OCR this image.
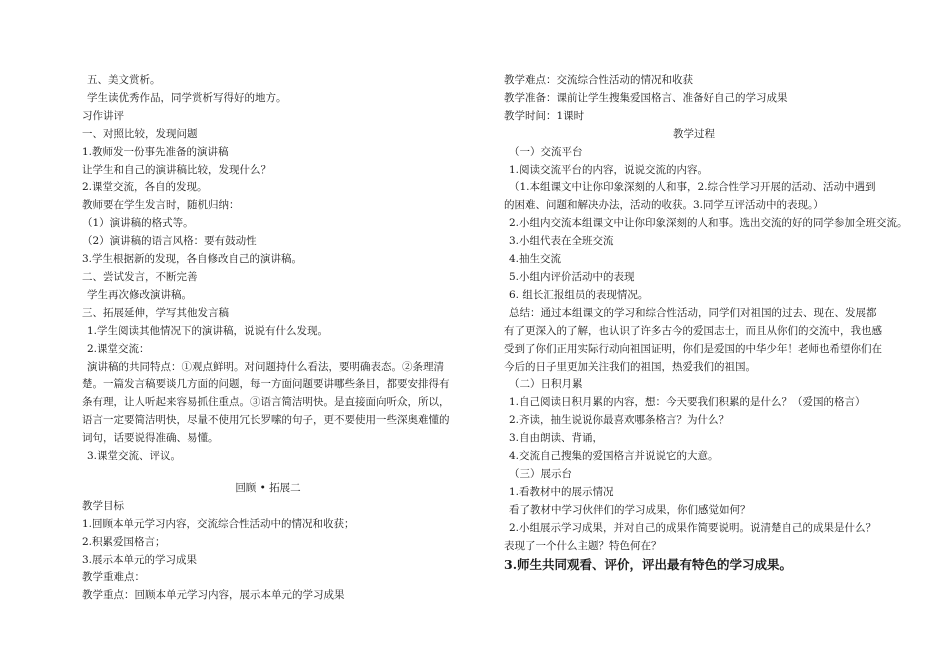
五、美文赏析。
学生读优秀作品，同学赏析写得好的地方。
习作讲评
一、对照比较，发现问题
1.教师发一份事先准备的演讲稿
让学生和自己的演讲稿比较，发现什么？
2.课堂交流，各自的发现。
教师要在学生发言时，随机归纳：
（1）演讲稿的格式等。
（2）演讲稿的语言风格：要有鼓动性
3.学生根据新的发现，各自修改自己的演讲稿。
二、尝试发言，不断完善
学生再次修改演讲稿。
三、拓展延伸，学写其他发言稿
1.学生阅读其他情况下的演讲稿，说说有什么发现。
2.课堂交流：
演讲稿的共同特点：①观点鲜明。对问题持什么看法，要明确表态。②条理清楚。一篇发言稿要谈几方面的问题，每一方面问题要讲哪些条目，都要安排得有条有理，让人听起来容易抓住重点。③语言简洁明快。是直接面向听众，所以，语言一定要简洁明快，尽量不使用冗长罗嗦的句子，更不要使用一些深奥难懂的词句，话要说得准确、易懂。
3.课堂交流、评议。
回顾 • 拓展二
教学目标
1.回顾本单元学习内容，交流综合性活动中的情况和收获；
2.积累爱国格言；
3.展示本单元的学习成果
教学重难点：
教学重点：回顾本单元学习内容，展示本单元的学习成果
教学难点：交流综合性活动的情况和收获
教学准备：课前让学生搜集爱国格言、准备好自己的学习成果
教学时间：1课时
教学过程
（一）交流平台
1.阅读交流平台的内容，说说交流的内容。
（1.本组课文中让你印象深刻的人和事，2.综合性学习开展的活动、活动中遇到的困难、问题和解决办法，活动的收获。3.同学互评活动中的表现。）
2.小组内交流本组课文中让你印象深刻的人和事。选出交流的好的同学参加全班交流。
3.小组代表在全班交流
4.抽生交流
5.小组内评价活动中的表现
6. 组长汇报组员的表现情况。
总结：通过本组课文的学习和综合性活动，同学们对祖国的过去、现在、发展都有了更深入的了解，也认识了许多古今的爱国志士，而且从你们的交流中，我也感受到了你们正用实际行动向祖国证明，你们是爱国的中华少年！老师也希望你们在今后的日子里更加关注我们的祖国，热爱我们的祖国。
（二）日积月累
1.自己阅读日积月累的内容，想：今天要我们积累的是什么？（爱国的格言）
2.齐读，抽生说说你最喜欢哪条格言？为什么？
3.自由朗读、背诵，
4.交流自己搜集的爱国格言并说说它的大意。
（三）展示台
1.看教材中的展示情况
看了教材中学习伙伴们的学习成果，你们感觉如何？
2.小组展示学习成果，并对自己的成果作简要说明。说清楚自己的成果是什么？表现了一个什么主题？特色何在？
3.师生共同观看、评价，评出最有特色的学习成果。
